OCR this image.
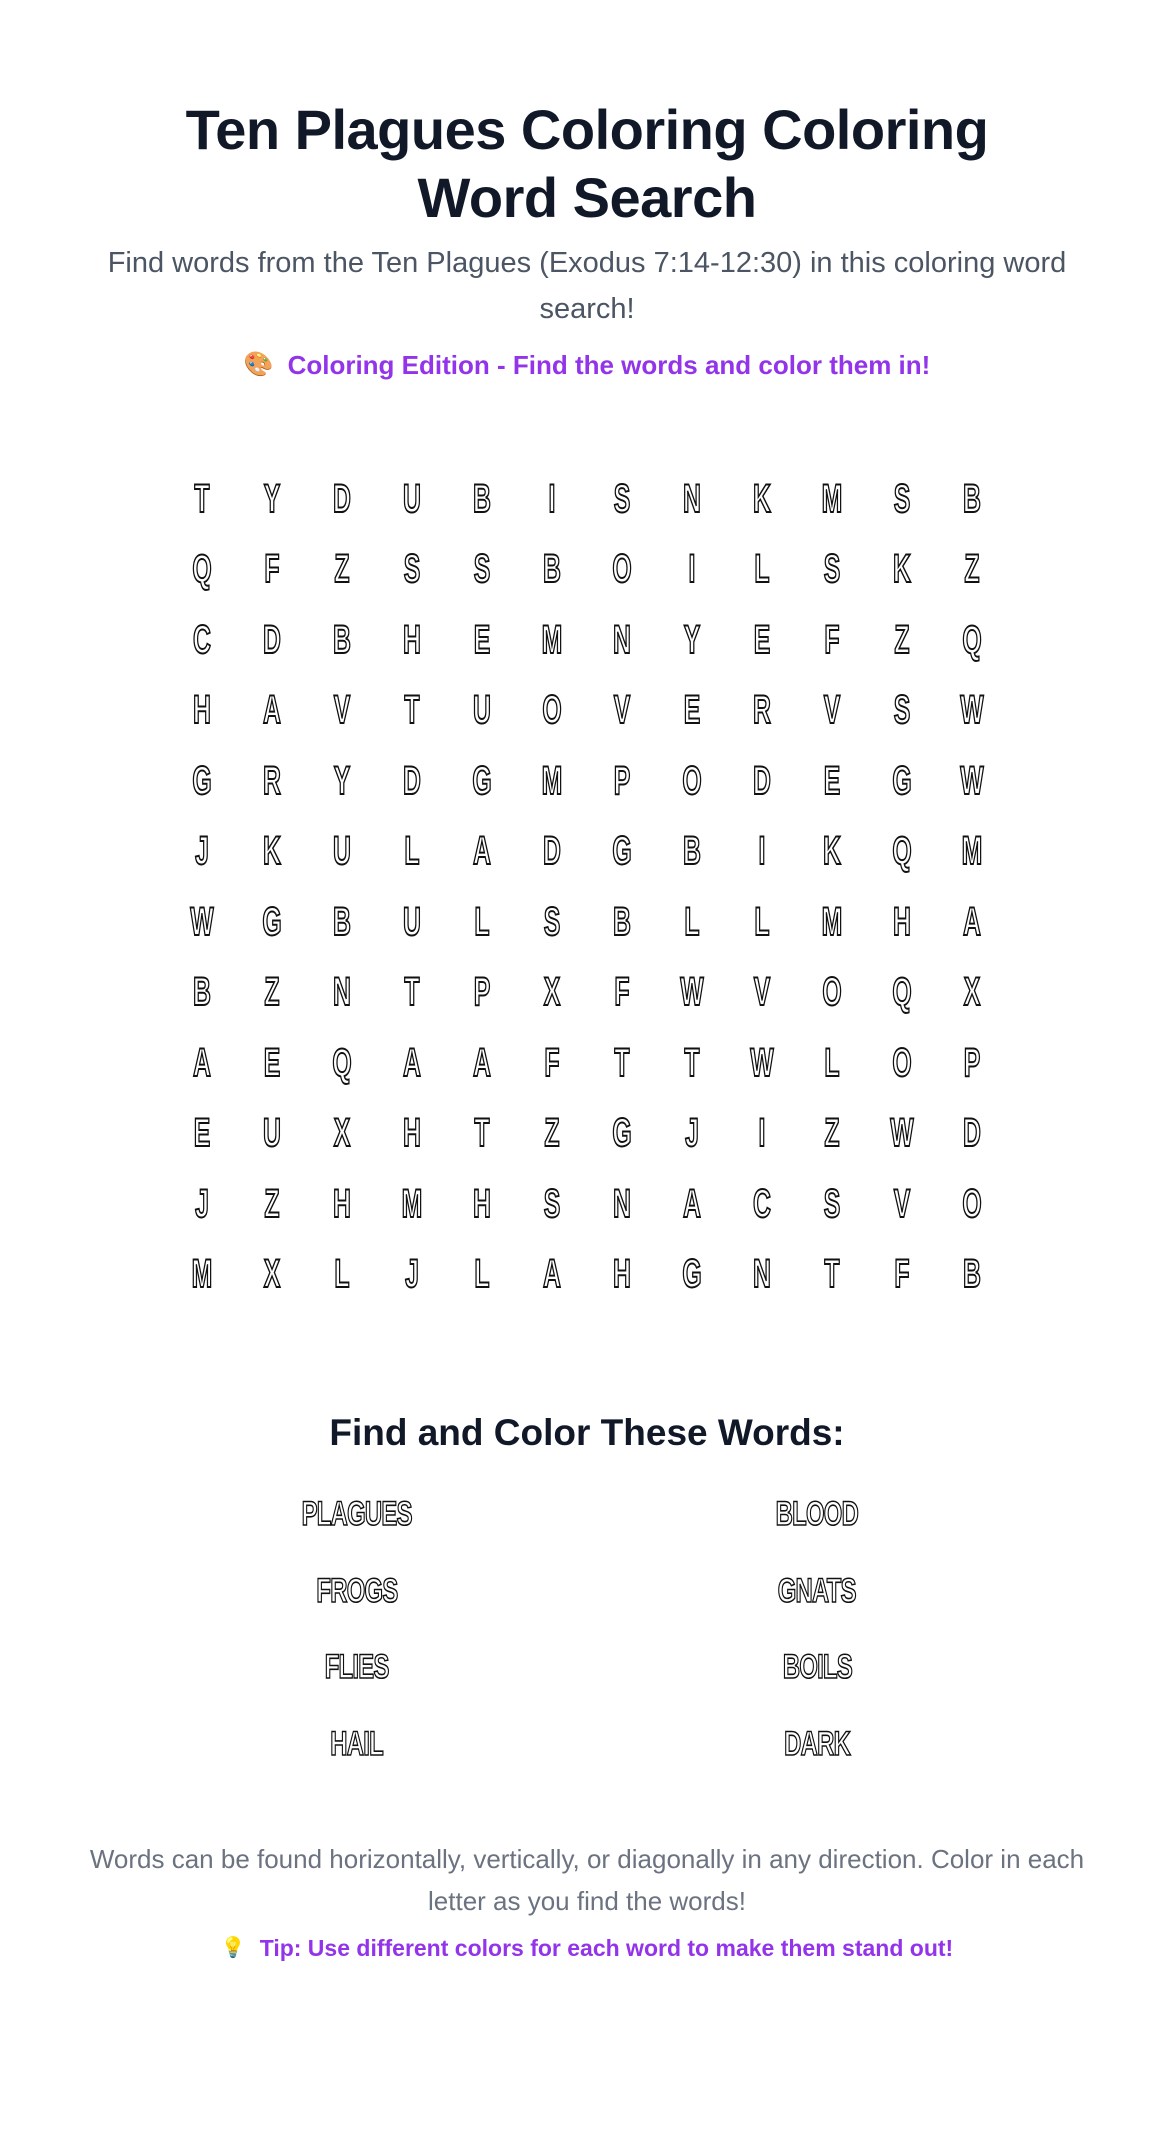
Ten Plagues Coloring Coloring Word Search

Find words from the Ten Plagues (Exodus 7:14-12:30) in this coloring word search!

🎨 Coloring Edition - Find the words and color them in!
T	Y	D	U	B	I	S	N	K	M	S	B
Q	F	Z	S	S	B	O	I	L	S	K	Z
C	D	B	H	E	M	N	Y	E	F	Z	Q
H	A	V	T	U	O	V	E	R	V	S	W
G	R	Y	D	G	M	P	O	D	E	G	W
J	K	U	L	A	D	G	B	I	K	Q	M
W	G	B	U	L	S	B	L	L	M	H	A
B	Z	N	T	P	X	F	W	V	O	Q	X
A	E	Q	A	A	F	T	T	W	L	O	P
E	U	X	H	T	Z	G	J	I	Z	W	D
J	Z	H	M	H	S	N	A	C	S	V	O
M	X	L	J	L	A	H	G	N	T	F	B
Find and Color These Words:
PLAGUES	BLOOD
FROGS	GNATS
FLIES	BOILS
HAIL	DARK

Words can be found horizontally, vertically, or diagonally in any direction. Color in each letter as you find the words!

💡 Tip: Use different colors for each word to make them stand out!
